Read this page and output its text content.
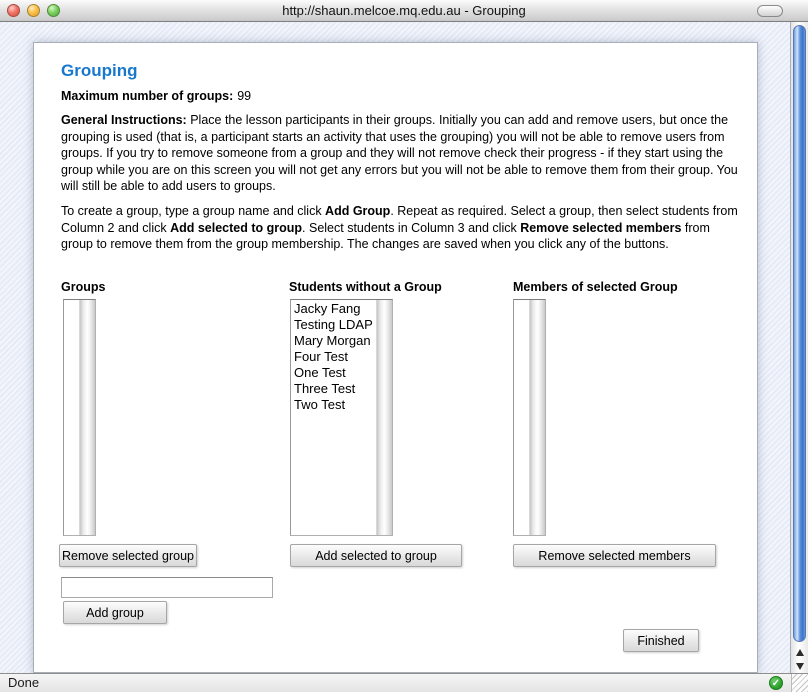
http://shaun.melcoe.mq.edu.au - Grouping
Grouping
Maximum number of groups: 99

General Instructions: Place the lesson participants in their groups. Initially you can add and remove users, but once the grouping is used (that is, a participant starts an activity that uses the grouping) you will not be able to remove users from groups. If you try to remove someone from a group and they will not remove check their progress - if they start using the group while you are on this screen you will not get any errors but you will not be able to remove them from their group. You will still be able to add users to groups.

To create a group, type a group name and click Add Group. Repeat as required. Select a group, then select students from Column 2 and click Add selected to group. Select students in Column 3 and click Remove selected members from group to remove them from the group membership. The changes are saved when you click any of the buttons.

Groups	Students without a Group	Members of selected Group
Jacky Fang
Testing LDAP
Mary Morgan
Four Test
One Test
Three Test
Two Test
Remove selected group	Add selected to group	Remove selected members
Add group
Finished
Done	✓
